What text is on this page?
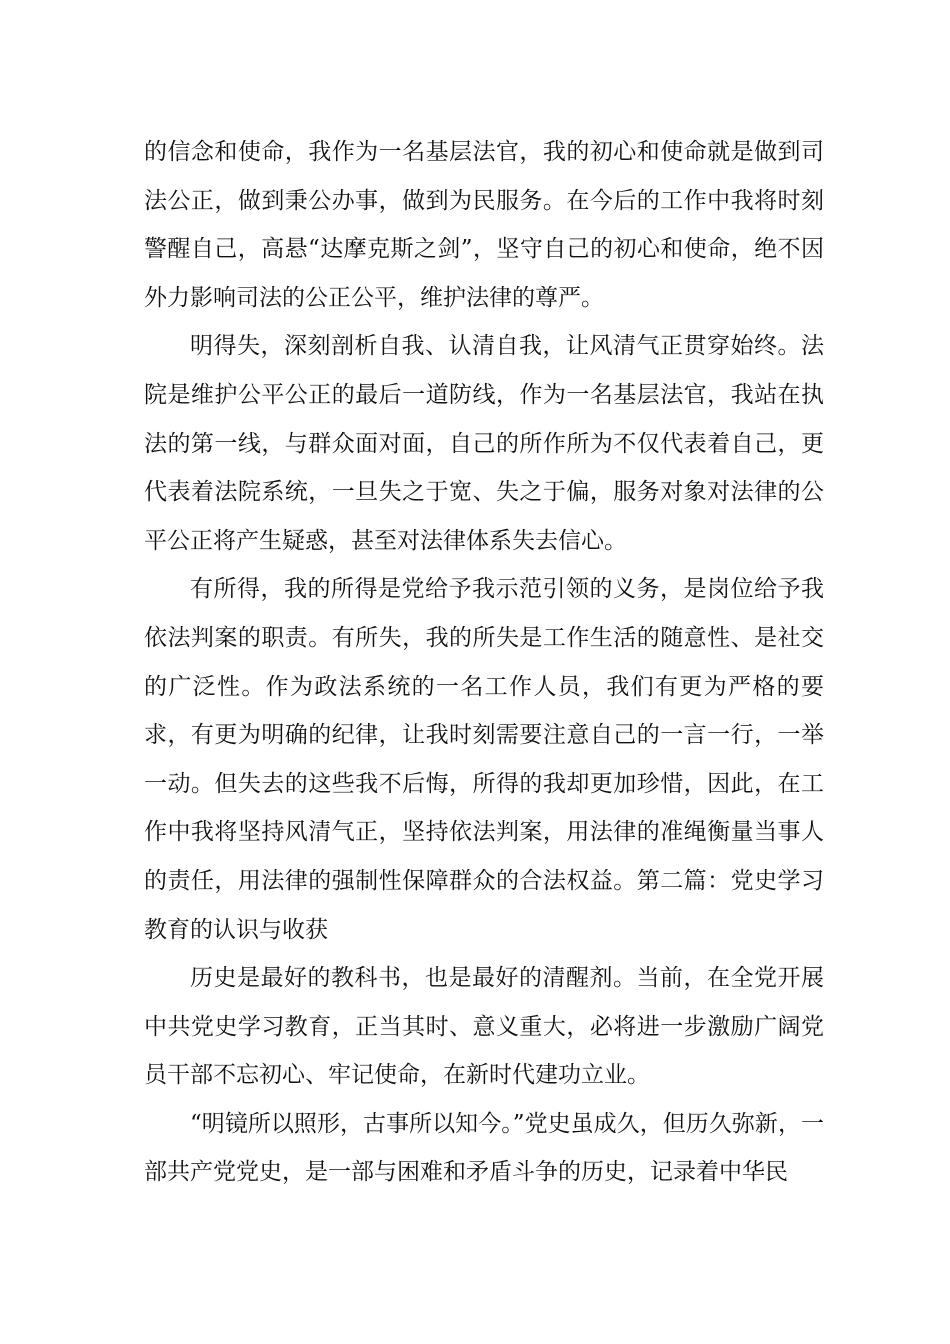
的信念和使命，我作为一名基层法官，我的初心和使命就是做到司法公正，做到秉公办事，做到为民服务。在今后的工作中我将时刻警醒自己，高悬“达摩克斯之剑”，坚守自己的初心和使命，绝不因外力影响司法的公正公平，维护法律的尊严。

明得失，深刻剖析自我、认清自我，让风清气正贯穿始终。法院是维护公平公正的最后一道防线，作为一名基层法官，我站在执法的第一线，与群众面对面，自己的所作所为不仅代表着自己，更代表着法院系统，一旦失之于宽、失之于偏，服务对象对法律的公平公正将产生疑惑，甚至对法律体系失去信心。

有所得，我的所得是党给予我示范引领的义务，是岗位给予我依法判案的职责。有所失，我的所失是工作生活的随意性、是社交的广泛性。作为政法系统的一名工作人员，我们有更为严格的要求，有更为明确的纪律，让我时刻需要注意自己的一言一行，一举一动。但失去的这些我不后悔，所得的我却更加珍惜，因此，在工作中我将坚持风清气正，坚持依法判案，用法律的准绳衡量当事人的责任，用法律的强制性保障群众的合法权益。第二篇：党史学习教育的认识与收获

历史是最好的教科书，也是最好的清醒剂。当前，在全党开展中共党史学习教育，正当其时、意义重大，必将进一步激励广阔党员干部不忘初心、牢记使命，在新时代建功立业。

“明镜所以照形，古事所以知今。”党史虽成久，但历久弥新，一部共产党党史，是一部与困难和矛盾斗争的历史，记录着中华民
